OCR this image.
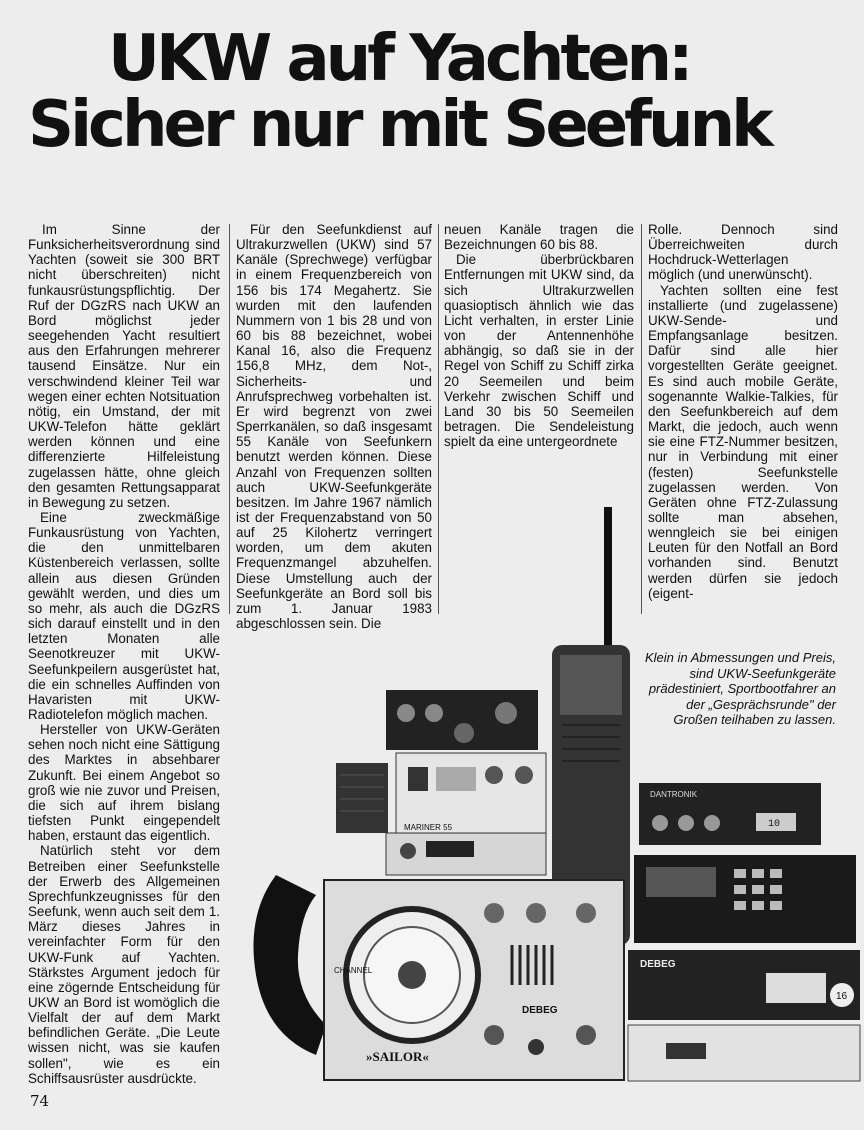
UKW auf Yachten:
Sicher nur mit Seefunk

Im Sinne der Funksicherheitsverordnung sind Yachten (soweit sie 300 BRT nicht überschreiten) nicht funkausrüstungspflichtig. Der Ruf der DGzRS nach UKW an Bord möglichst jeder seegehenden Yacht resultiert aus den Erfahrungen mehrerer tausend Einsätze. Nur ein verschwindend kleiner Teil war wegen einer echten Notsituation nötig, ein Umstand, der mit UKW-Telefon hätte geklärt werden können und eine differenzierte Hilfeleistung zugelassen hätte, ohne gleich den gesamten Rettungsapparat in Bewegung zu setzen.

Eine zweckmäßige Funkausrüstung von Yachten, die den unmittelbaren Küstenbereich verlassen, sollte allein aus diesen Gründen gewählt werden, und dies um so mehr, als auch die DGzRS sich darauf einstellt und in den letzten Monaten alle Seenotkreuzer mit UKW-Seefunkpeilern ausgerüstet hat, die ein schnelles Auffinden von Havaristen mit UKW-Radiotelefon möglich machen.

Hersteller von UKW-Geräten sehen noch nicht eine Sättigung des Marktes in absehbarer Zukunft. Bei einem Angebot so groß wie nie zuvor und Preisen, die sich auf ihrem bislang tiefsten Punkt eingependelt haben, erstaunt das eigentlich.

Natürlich steht vor dem Betreiben einer Seefunkstelle der Erwerb des Allgemeinen Sprechfunkzeugnisses für den Seefunk, wenn auch seit dem 1. März dieses Jahres in vereinfachter Form für den UKW-Funk auf Yachten. Stärkstes Argument jedoch für eine zögernde Entscheidung für UKW an Bord ist womöglich die Vielfalt der auf dem Markt befindlichen Geräte. „Die Leute wissen nicht, was sie kaufen sollen", wie es ein Schiffsausrüster ausdrückte.

Für den Seefunkdienst auf Ultrakurzwellen (UKW) sind 57 Kanäle (Sprechwege) verfügbar in einem Frequenzbereich von 156 bis 174 Megahertz. Sie wurden mit den laufenden Nummern von 1 bis 28 und von 60 bis 88 bezeichnet, wobei Kanal 16, also die Frequenz 156,8 MHz, dem Not-, Sicherheits- und Anrufsprechweg vorbehalten ist. Er wird begrenzt von zwei Sperrkanälen, so daß insgesamt 55 Kanäle von Seefunkern benutzt werden können. Diese Anzahl von Frequenzen sollten auch UKW-Seefunkgeräte besitzen. Im Jahre 1967 nämlich ist der Frequenzabstand von 50 auf 25 Kilohertz verringert worden, um dem akuten Frequenzmangel abzuhelfen. Diese Umstellung auch der Seefunkgeräte an Bord soll bis zum 1. Januar 1983 abgeschlossen sein. Die

neuen Kanäle tragen die Bezeichnungen 60 bis 88.

Die überbrückbaren Entfernungen mit UKW sind, da sich Ultrakurzwellen quasioptisch ähnlich wie das Licht verhalten, in erster Linie von der Antennenhöhe abhängig, so daß sie in der Regel von Schiff zu Schiff zirka 20 Seemeilen und beim Verkehr zwischen Schiff und Land 30 bis 50 Seemeilen betragen. Die Sendeleistung spielt da eine untergeordnete

Rolle. Dennoch sind Überreichweiten durch Hochdruck-Wetterlagen möglich (und unerwünscht).

Yachten sollten eine fest installierte (und zugelassene) UKW-Sende- und Empfangsanlage besitzen. Dafür sind alle hier vorgestellten Geräte geeignet. Es sind auch mobile Geräte, sogenannte Walkie-Talkies, für den Seefunkbereich auf dem Markt, die jedoch, auch wenn sie eine FTZ-Nummer besitzen, nur in Verbindung mit einer (festen) Seefunkstelle zugelassen werden. Von Geräten ohne FTZ-Zulassung sollte man absehen, wenngleich sie bei einigen Leuten für den Notfall an Bord vorhanden sind. Benutzt werden dürfen sie jedoch (eigent-

MARINER 55
DANTRONIK
10
DEBEG
16
CHANNEL
DEBEG
»SAILOR«
Klein in Abmessungen und Preis, sind UKW-Seefunkgeräte prädestiniert, Sportbootfahrer an der „Gesprächsrunde" der Großen teilhaben zu lassen.
74
